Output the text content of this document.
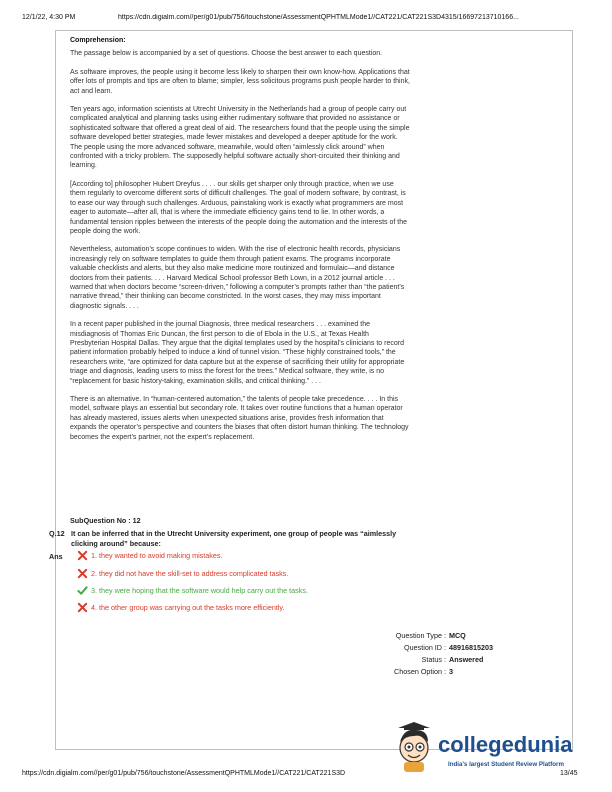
12/1/22, 4:30 PM	https://cdn.digialm.com//per/g01/pub/756/touchstone/AssessmentQPHTMLMode1//CAT221/CAT221S3D4315/16697213710166...
Comprehension:

The passage below is accompanied by a set of questions. Choose the best answer to each question.

As software improves, the people using it become less likely to sharpen their own know-how. Applications that offer lots of prompts and tips are often to blame; simpler, less solicitous programs push people harder to think, act and learn.

Ten years ago, information scientists at Utrecht University in the Netherlands had a group of people carry out complicated analytical and planning tasks using either rudimentary software that provided no assistance or sophisticated software that offered a great deal of aid. The researchers found that the people using the simple software developed better strategies, made fewer mistakes and developed a deeper aptitude for the work. The people using the more advanced software, meanwhile, would often “aimlessly click around” when confronted with a tricky problem. The supposedly helpful software actually short-circuited their thinking and learning.

[According to] philosopher Hubert Dreyfus . . . . our skills get sharper only through practice, when we use them regularly to overcome different sorts of difficult challenges. The goal of modern software, by contrast, is to ease our way through such challenges. Arduous, painstaking work is exactly what programmers are most eager to automate—after all, that is where the immediate efficiency gains tend to lie. In other words, a fundamental tension ripples between the interests of the people doing the automation and the interests of the people doing the work.

Nevertheless, automation’s scope continues to widen. With the rise of electronic health records, physicians increasingly rely on software templates to guide them through patient exams. The programs incorporate valuable checklists and alerts, but they also make medicine more routinized and formulaic—and distance doctors from their patients. . . . Harvard Medical School professor Beth Lown, in a 2012 journal article . . . warned that when doctors become “screen-driven,” following a computer’s prompts rather than “the patient’s narrative thread,” their thinking can become constricted. In the worst cases, they may miss important diagnostic signals. . . .

In a recent paper published in the journal Diagnosis, three medical researchers . . . examined the misdiagnosis of Thomas Eric Duncan, the first person to die of Ebola in the U.S., at Texas Health Presbyterian Hospital Dallas. They argue that the digital templates used by the hospital’s clinicians to record patient information probably helped to induce a kind of tunnel vision. “These highly constrained tools,” the researchers write, “are optimized for data capture but at the expense of sacrificing their utility for appropriate triage and diagnosis, leading users to miss the forest for the trees.” Medical software, they write, is no “replacement for basic history-taking, examination skills, and critical thinking.” . . .

There is an alternative. In “human-centered automation,” the talents of people take precedence. . . . In this model, software plays an essential but secondary role. It takes over routine functions that a human operator has already mastered, issues alerts when unexpected situations arise, provides fresh information that expands the operator’s perspective and counters the biases that often distort human thinking. The technology becomes the expert’s partner, not the expert’s replacement.

SubQuestion No : 12
Q.12 It can be inferred that in the Utrecht University experiment, one group of people was “aimlessly clicking around” because:
Ans	1. they wanted to avoid making mistakes.
2. they did not have the skill-set to address complicated tasks.
3. they were hoping that the software would help carry out the tasks.
4. the other group was carrying out the tasks more efficiently.
Question Type : MCQ
Question ID : 48916815203
Status : Answered
Chosen Option : 3
collegedunia
India's largest Student Review Platform
https://cdn.digialm.com//per/g01/pub/756/touchstone/AssessmentQPHTMLMode1//CAT221/CAT221S3D	13/45
